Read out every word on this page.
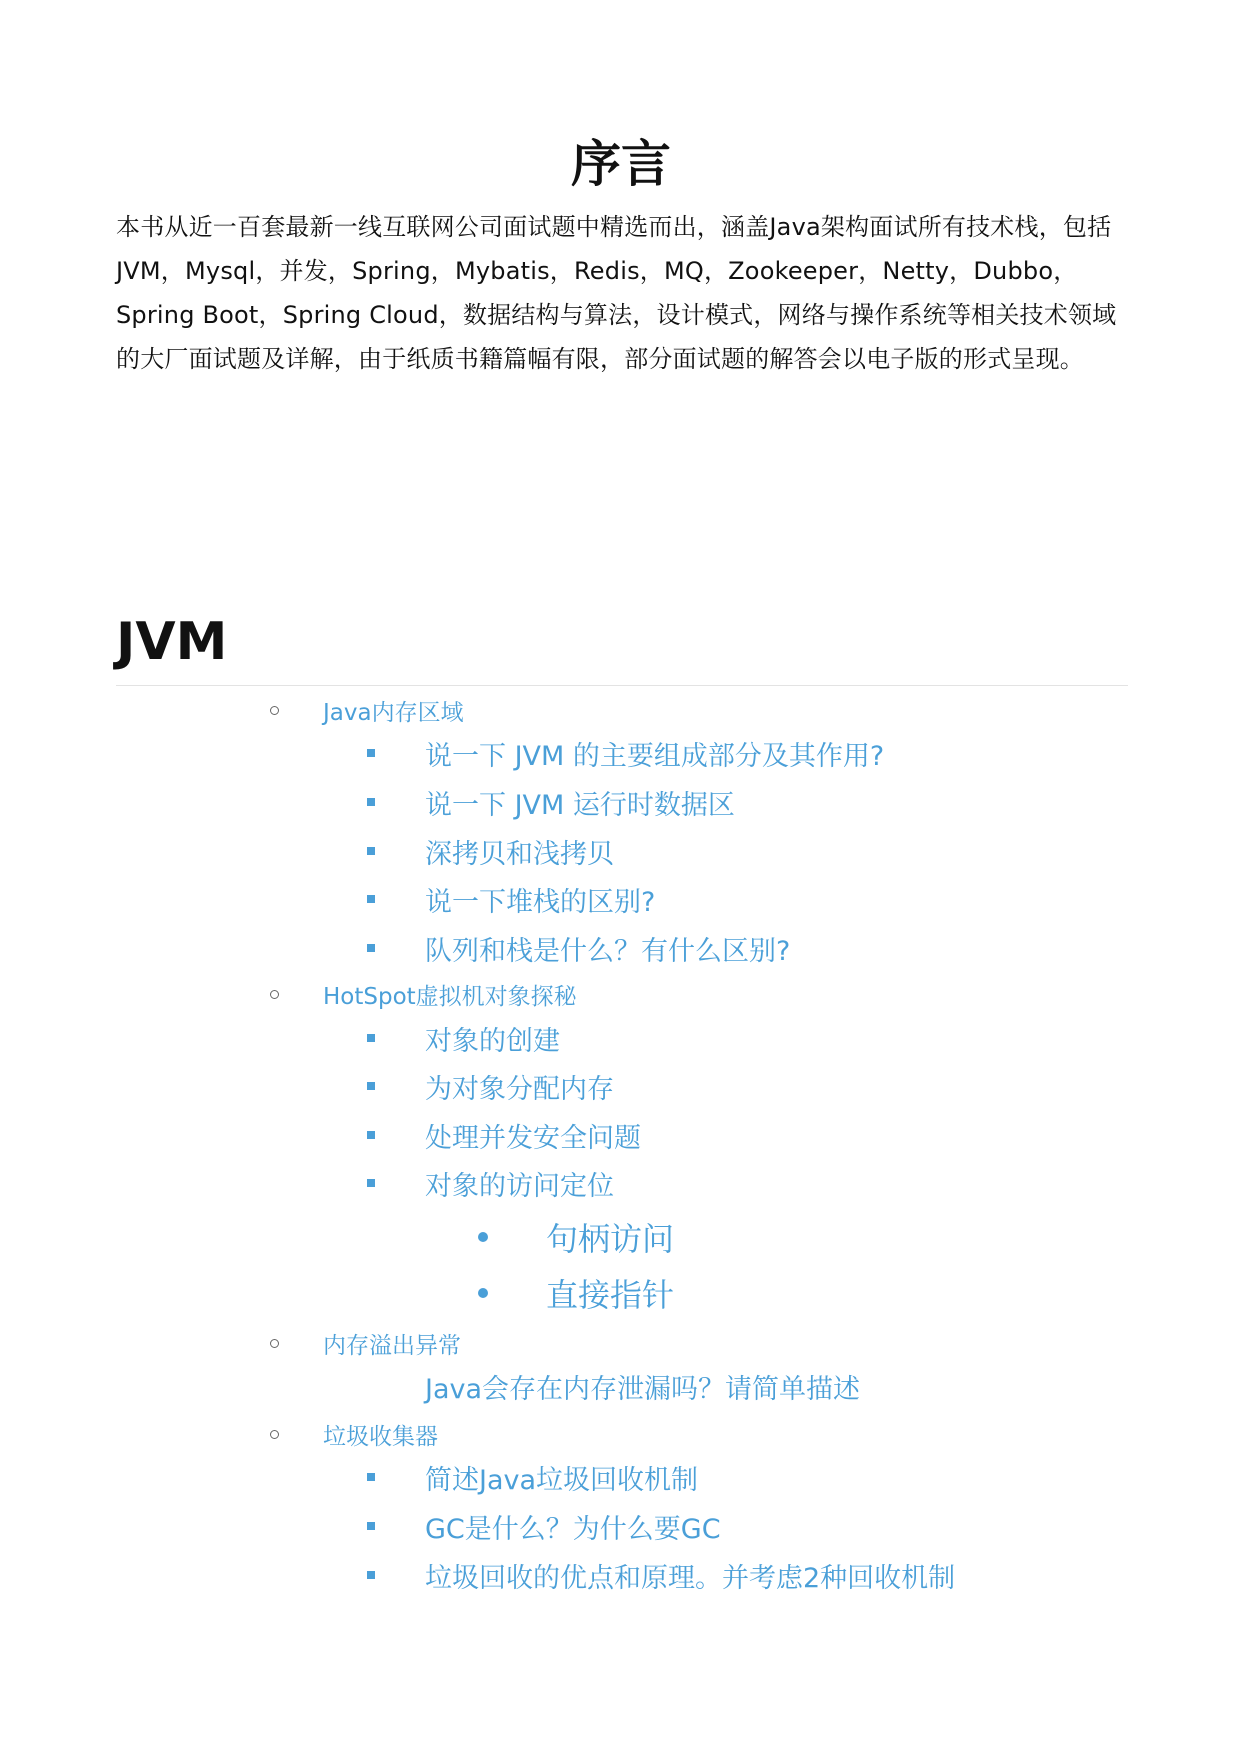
序言

本书从近一百套最新一线互联网公司面试题中精选而出，涵盖Java架构面试所有技术栈，包括JVM，Mysql，并发，Spring，Mybatis，Redis，MQ，Zookeeper，Netty，Dubbo，Spring Boot，Spring Cloud，数据结构与算法，设计模式，网络与操作系统等相关技术领域的大厂面试题及详解，由于纸质书籍篇幅有限，部分面试题的解答会以电子版的形式呈现。

JVM
Java内存区域
说一下 JVM 的主要组成部分及其作用?
说一下 JVM 运行时数据区
深拷贝和浅拷贝
说一下堆栈的区别?
队列和栈是什么？有什么区别?
HotSpot虚拟机对象探秘
对象的创建
为对象分配内存
处理并发安全问题
对象的访问定位
句柄访问
直接指针
内存溢出异常
Java会存在内存泄漏吗？请简单描述
垃圾收集器
简述Java垃圾回收机制
GC是什么？为什么要GC
垃圾回收的优点和原理。并考虑2种回收机制
